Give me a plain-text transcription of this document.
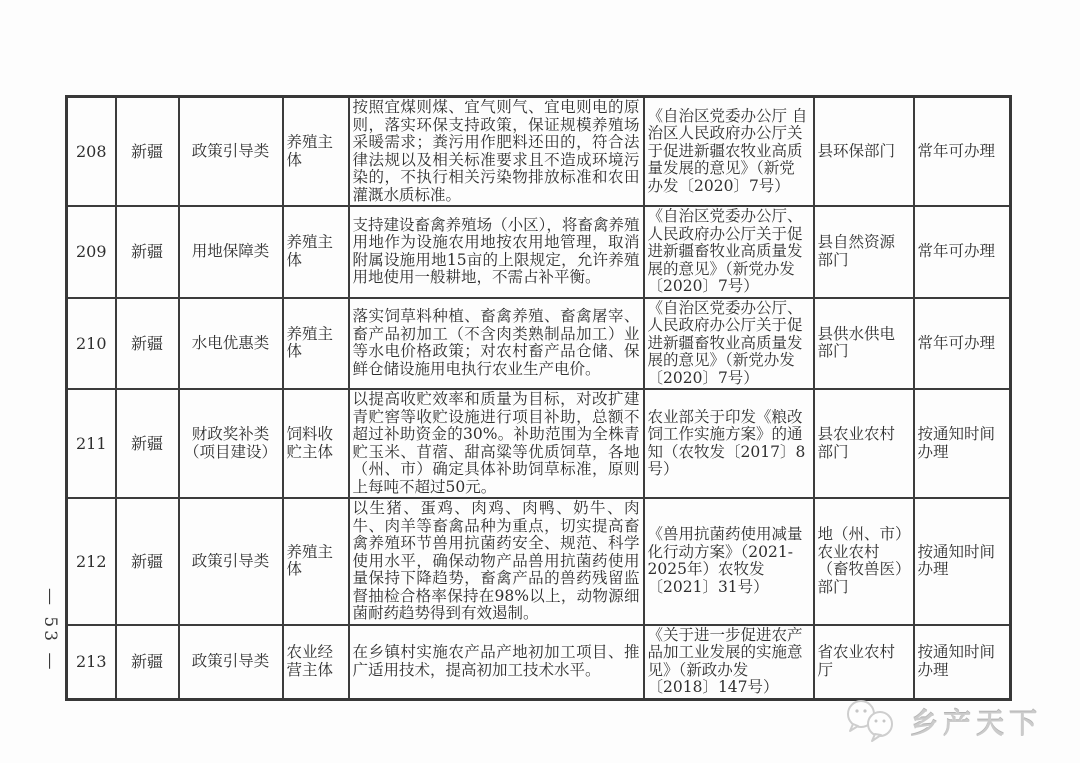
— 53 —
208	新疆	政策引导类	养殖主体	按照宜煤则煤、宜气则气、宜电则电的原则，落实环保支持政策，保证规模养殖场采暖需求；粪污用作肥料还田的，符合法律法规以及相关标准要求且不造成环境污染的，不执行相关污染物排放标准和农田灌溉水质标准。	《自治区党委办公厅 自治区人民政府办公厅关于促进新疆农牧业高质量发展的意见》（新党办发〔2020〕7号）	县环保部门	常年可办理
209	新疆	用地保障类	养殖主体	支持建设畜禽养殖场（小区），将畜禽养殖用地作为设施农用地按农用地管理，取消附属设施用地15亩的上限规定，允许养殖用地使用一般耕地，不需占补平衡。	《自治区党委办公厅、人民政府办公厅关于促进新疆畜牧业高质量发展的意见》（新党办发〔2020〕7号）	县自然资源部门	常年可办理
210	新疆	水电优惠类	养殖主体	落实饲草料种植、畜禽养殖、畜禽屠宰、畜产品初加工（不含肉类熟制品加工）业等水电价格政策；对农村畜产品仓储、保鲜仓储设施用电执行农业生产电价。	《自治区党委办公厅、人民政府办公厅关于促进新疆畜牧业高质量发展的意见》（新党办发〔2020〕7号）	县供水供电部门	常年可办理
211	新疆	财政奖补类（项目建设）	饲料收贮主体	以提高收贮效率和质量为目标，对改扩建青贮窖等收贮设施进行项目补助，总额不超过补助资金的30%。补助范围为全株青贮玉米、苜蓿、甜高粱等优质饲草，各地（州、市）确定具体补助饲草标准，原则上每吨不超过50元。	农业部关于印发《粮改饲工作实施方案》的通知（农牧发〔2017〕8号）	县农业农村部门	按通知时间办理
212	新疆	政策引导类	养殖主体	以生猪、蛋鸡、肉鸡、肉鸭、奶牛、肉牛、肉羊等畜禽品种为重点，切实提高畜禽养殖环节兽用抗菌药安全、规范、科学使用水平，确保动物产品兽用抗菌药使用量保持下降趋势，畜禽产品的兽药残留监督抽检合格率保持在98%以上，动物源细菌耐药趋势得到有效遏制。	《兽用抗菌药使用减量化行动方案》（2021-2025年）农牧发〔2021〕31号）	地（州、市）农业农村（畜牧兽医）部门	按通知时间办理
213	新疆	政策引导类	农业经营主体	在乡镇村实施农产品产地初加工项目、推广适用技术，提高初加工技术水平。	《关于进一步促进农产品加工业发展的实施意见》（新政办发〔2018〕147号）	省农业农村厅	按通知时间办理
乡产天下
